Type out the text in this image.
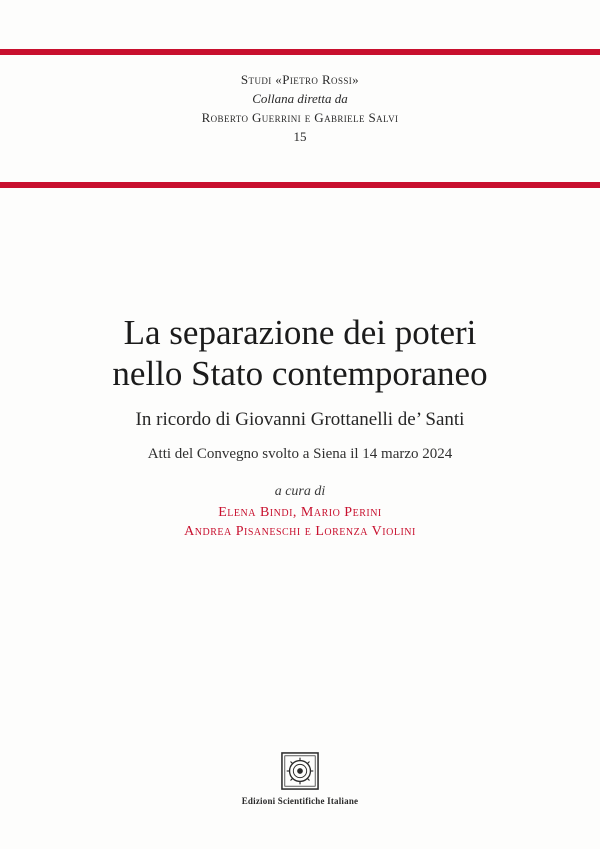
Studi «Pietro Rossi»
Collana diretta da
Roberto Guerrini e Gabriele Salvi
15
La separazione dei poteri
nello Stato contemporaneo

In ricordo di Giovanni Grottanelli de’ Santi

Atti del Convegno svolto a Siena il 14 marzo 2024

a cura di

Elena Bindi, Mario Perini
Andrea Pisaneschi e Lorenza Violini

Edizioni Scientifiche Italiane
